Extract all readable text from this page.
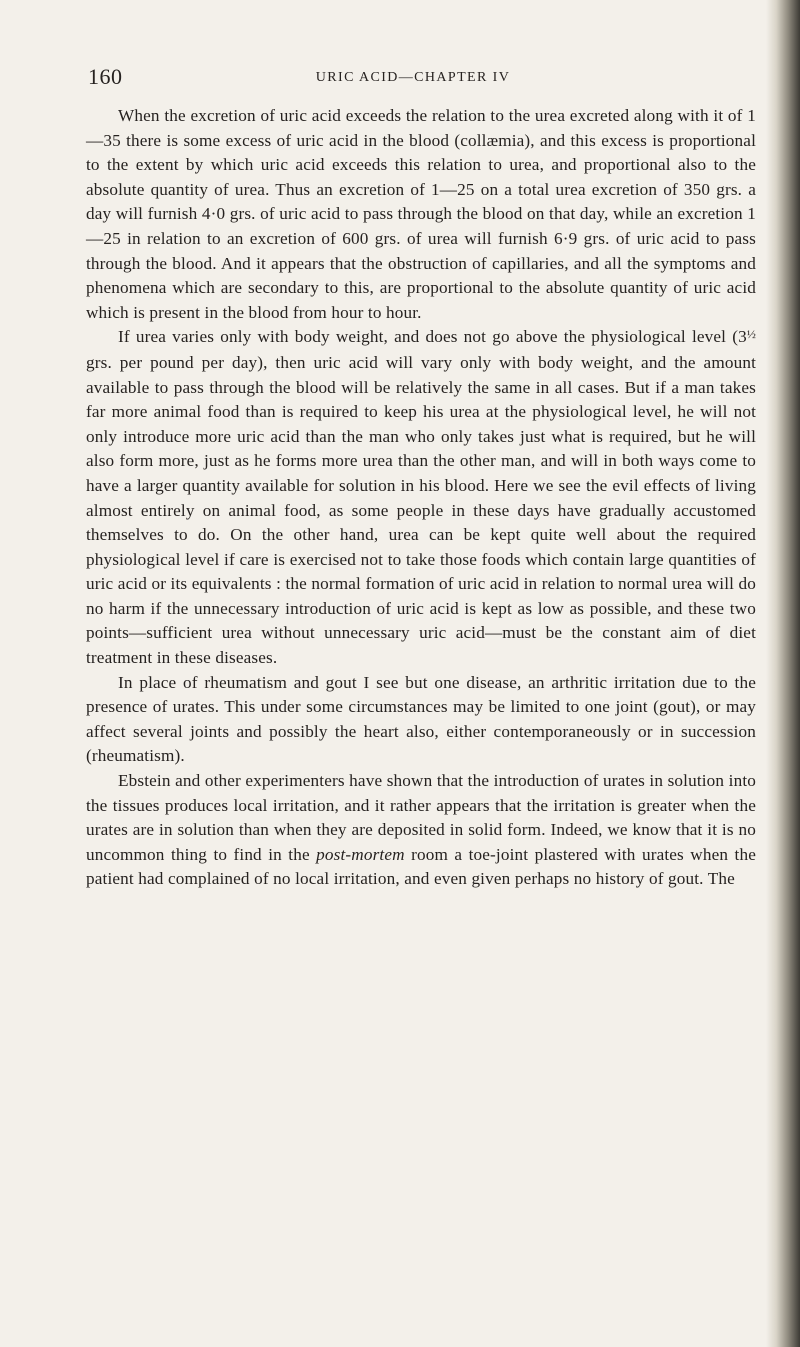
160	URIC ACID—CHAPTER IV

When the excretion of uric acid exceeds the relation to the urea excreted along with it of 1—35 there is some excess of uric acid in the blood (collæmia), and this excess is proportional to the extent by which uric acid exceeds this relation to urea, and proportional also to the absolute quantity of urea. Thus an excretion of 1—25 on a total urea excretion of 350 grs. a day will furnish 4·0 grs. of uric acid to pass through the blood on that day, while an excretion 1—25 in relation to an excretion of 600 grs. of urea will furnish 6·9 grs. of uric acid to pass through the blood. And it appears that the obstruction of capillaries, and all the symptoms and phenomena which are secondary to this, are proportional to the absolute quantity of uric acid which is present in the blood from hour to hour.

If urea varies only with body weight, and does not go above the physiological level ($3^{\frac{1}{2}}$ grs. per pound per day), then uric acid will vary only with body weight, and the amount available to pass through the blood will be relatively the same in all cases. But if a man takes far more animal food than is required to keep his urea at the physiological level, he will not only introduce more uric acid than the man who only takes just what is required, but he will also form more, just as he forms more urea than the other man, and will in both ways come to have a larger quantity available for solution in his blood. Here we see the evil effects of living almost entirely on animal food, as some people in these days have gradually accustomed themselves to do. On the other hand, urea can be kept quite well about the required physiological level if care is exercised not to take those foods which contain large quantities of uric acid or its equivalents : the normal formation of uric acid in relation to normal urea will do no harm if the unnecessary introduction of uric acid is kept as low as possible, and these two points—sufficient urea without unnecessary uric acid—must be the constant aim of diet treatment in these diseases.

In place of rheumatism and gout I see but one disease, an arthritic irritation due to the presence of urates. This under some circumstances may be limited to one joint (gout), or may affect several joints and possibly the heart also, either contemporaneously or in succession (rheumatism).

Ebstein and other experimenters have shown that the introduction of urates in solution into the tissues produces local irritation, and it rather appears that the irritation is greater when the urates are in solution than when they are deposited in solid form. Indeed, we know that it is no uncommon thing to find in the post-mortem room a toe-joint plastered with urates when the patient had complained of no local irritation, and even given perhaps no history of gout. The
